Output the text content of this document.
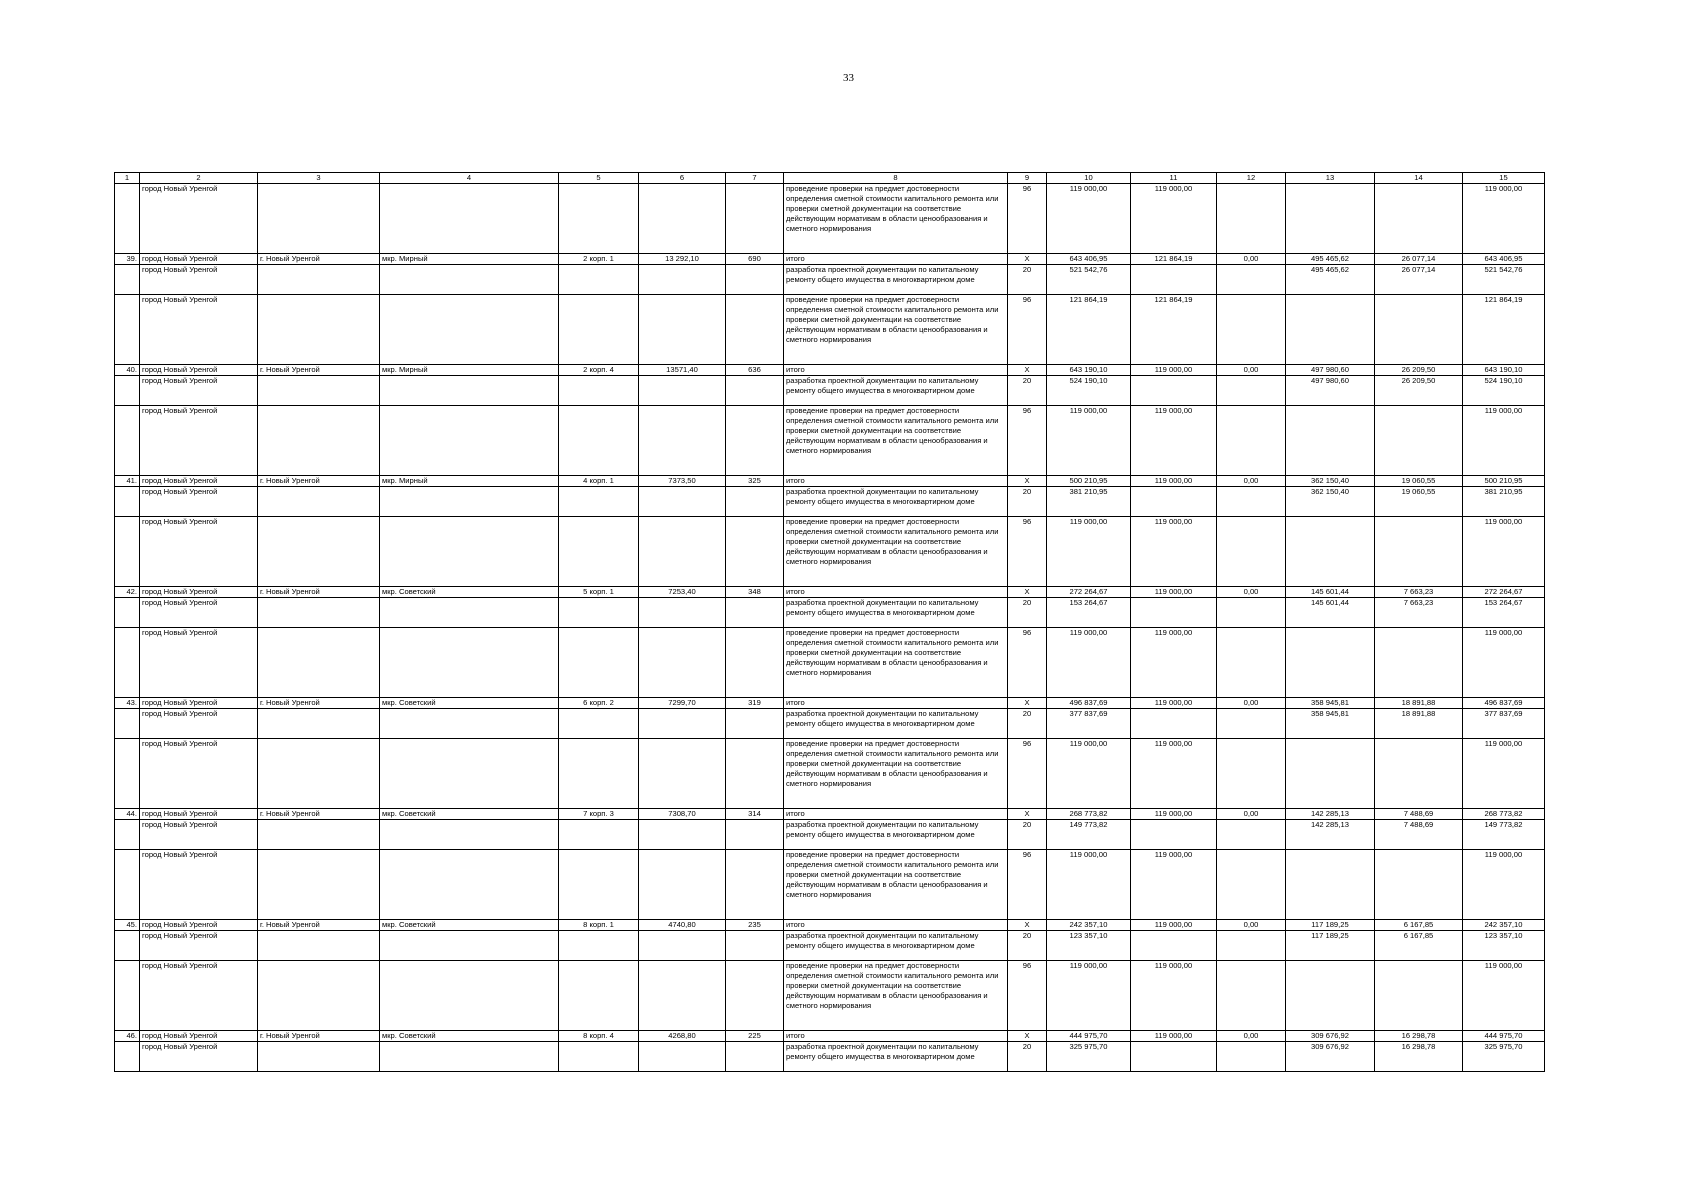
33
1	2	3	4	5	6	7	8	9	10	11	12	13	14	15
	город Новый Уренгой						проведение проверки на предмет достоверности определения сметной стоимости капитального ремонта или проверки сметной документации на соответствие действующим нормативам в области ценообразования и сметного нормирования	96	119 000,00	119 000,00				119 000,00
39.	город Новый Уренгой	г. Новый Уренгой	мкр. Мирный	2 корп. 1	13 292,10	690	итого	X	643 406,95	121 864,19	0,00	495 465,62	26 077,14	643 406,95
	город Новый Уренгой						разработка проектной документации по капитальному ремонту общего имущества в многоквартирном доме	20	521 542,76			495 465,62	26 077,14	521 542,76
	город Новый Уренгой						проведение проверки на предмет достоверности определения сметной стоимости капитального ремонта или проверки сметной документации на соответствие действующим нормативам в области ценообразования и сметного нормирования	96	121 864,19	121 864,19				121 864,19
40.	город Новый Уренгой	г. Новый Уренгой	мкр. Мирный	2 корп. 4	13571,40	636	итого	X	643 190,10	119 000,00	0,00	497 980,60	26 209,50	643 190,10
	город Новый Уренгой						разработка проектной документации по капитальному ремонту общего имущества в многоквартирном доме	20	524 190,10			497 980,60	26 209,50	524 190,10
	город Новый Уренгой						проведение проверки на предмет достоверности определения сметной стоимости капитального ремонта или проверки сметной документации на соответствие действующим нормативам в области ценообразования и сметного нормирования	96	119 000,00	119 000,00				119 000,00
41.	город Новый Уренгой	г. Новый Уренгой	мкр. Мирный	4 корп. 1	7373,50	325	итого	X	500 210,95	119 000,00	0,00	362 150,40	19 060,55	500 210,95
	город Новый Уренгой						разработка проектной документации по капитальному ремонту общего имущества в многоквартирном доме	20	381 210,95			362 150,40	19 060,55	381 210,95
	город Новый Уренгой						проведение проверки на предмет достоверности определения сметной стоимости капитального ремонта или проверки сметной документации на соответствие действующим нормативам в области ценообразования и сметного нормирования	96	119 000,00	119 000,00				119 000,00
42.	город Новый Уренгой	г. Новый Уренгой	мкр. Советский	5 корп. 1	7253,40	348	итого	X	272 264,67	119 000,00	0,00	145 601,44	7 663,23	272 264,67
	город Новый Уренгой						разработка проектной документации по капитальному ремонту общего имущества в многоквартирном доме	20	153 264,67			145 601,44	7 663,23	153 264,67
	город Новый Уренгой						проведение проверки на предмет достоверности определения сметной стоимости капитального ремонта или проверки сметной документации на соответствие действующим нормативам в области ценообразования и сметного нормирования	96	119 000,00	119 000,00				119 000,00
43.	город Новый Уренгой	г. Новый Уренгой	мкр. Советский	6 корп. 2	7299,70	319	итого	X	496 837,69	119 000,00	0,00	358 945,81	18 891,88	496 837,69
	город Новый Уренгой						разработка проектной документации по капитальному ремонту общего имущества в многоквартирном доме	20	377 837,69			358 945,81	18 891,88	377 837,69
	город Новый Уренгой						проведение проверки на предмет достоверности определения сметной стоимости капитального ремонта или проверки сметной документации на соответствие действующим нормативам в области ценообразования и сметного нормирования	96	119 000,00	119 000,00				119 000,00
44.	город Новый Уренгой	г. Новый Уренгой	мкр. Советский	7 корп. 3	7308,70	314	итого	X	268 773,82	119 000,00	0,00	142 285,13	7 488,69	268 773,82
	город Новый Уренгой						разработка проектной документации по капитальному ремонту общего имущества в многоквартирном доме	20	149 773,82			142 285,13	7 488,69	149 773,82
	город Новый Уренгой						проведение проверки на предмет достоверности определения сметной стоимости капитального ремонта или проверки сметной документации на соответствие действующим нормативам в области ценообразования и сметного нормирования	96	119 000,00	119 000,00				119 000,00
45.	город Новый Уренгой	г. Новый Уренгой	мкр. Советский	8 корп. 1	4740,80	235	итого	X	242 357,10	119 000,00	0,00	117 189,25	6 167,85	242 357,10
	город Новый Уренгой						разработка проектной документации по капитальному ремонту общего имущества в многоквартирном доме	20	123 357,10			117 189,25	6 167,85	123 357,10
	город Новый Уренгой						проведение проверки на предмет достоверности определения сметной стоимости капитального ремонта или проверки сметной документации на соответствие действующим нормативам в области ценообразования и сметного нормирования	96	119 000,00	119 000,00				119 000,00
46.	город Новый Уренгой	г. Новый Уренгой	мкр. Советский	8 корп. 4	4268,80	225	итого	X	444 975,70	119 000,00	0,00	309 676,92	16 298,78	444 975,70
	город Новый Уренгой						разработка проектной документации по капитальному ремонту общего имущества в многоквартирном доме	20	325 975,70			309 676,92	16 298,78	325 975,70
